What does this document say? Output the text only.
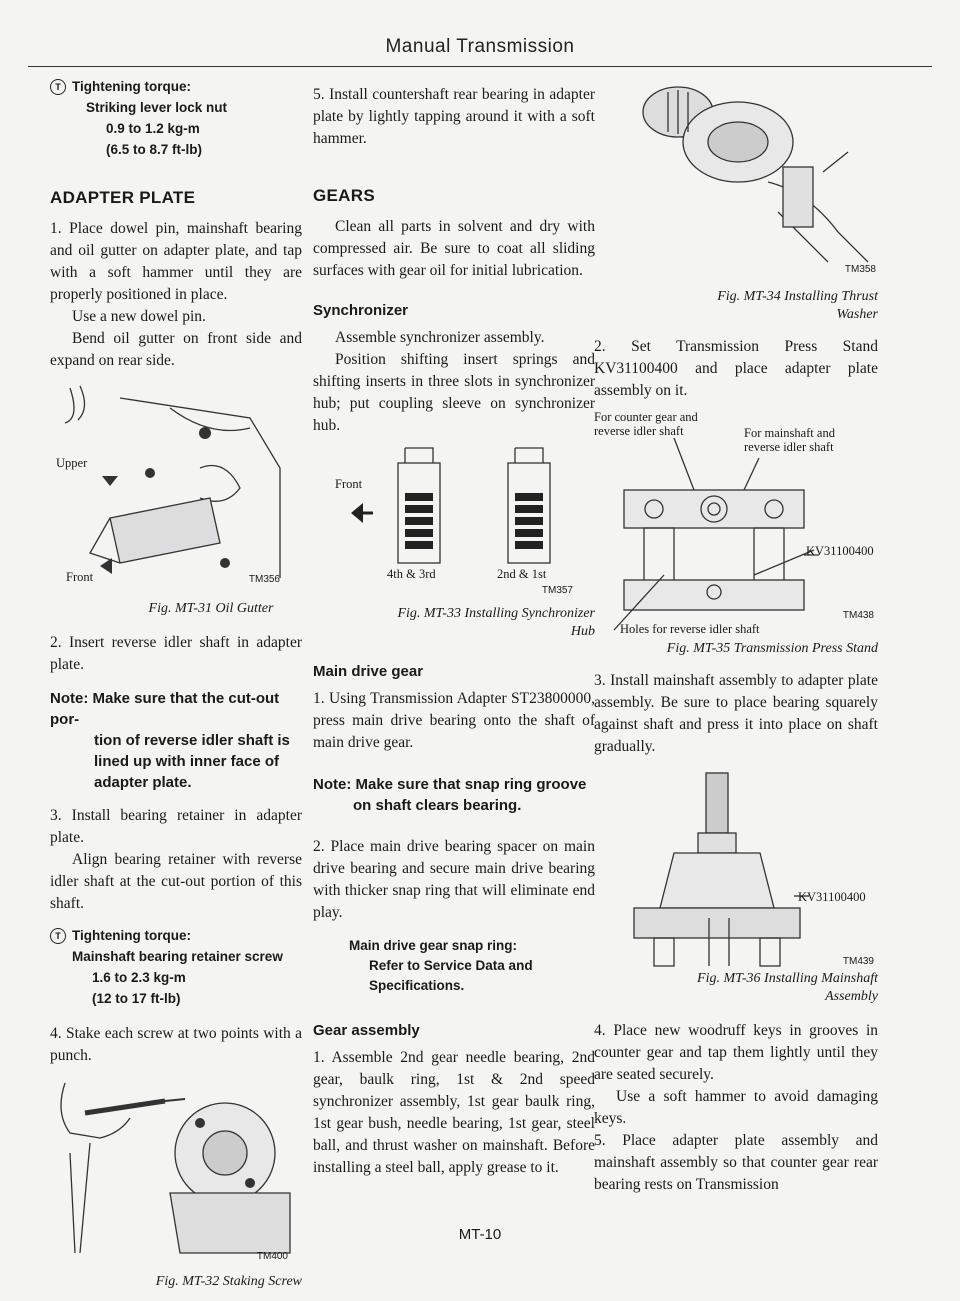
Manual Transmission
T Tightening torque:
Striking lever lock nut
0.9 to 1.2 kg-m
(6.5 to 8.7 ft-lb)
ADAPTER PLATE

1. Place dowel pin, mainshaft bearing and oil gutter on adapter plate, and tap with a soft hammer until they are properly positioned in place.

Use a new dowel pin.

Bend oil gutter on front side and expand on rear side.

Upper
Front	TM356
Fig. MT-31 Oil Gutter

2. Insert reverse idler shaft in adapter plate.

Note: Make sure that the cut-out por-
tion of reverse idler shaft is lined up with inner face of adapter plate.

3. Install bearing retainer in adapter plate.

Align bearing retainer with reverse idler shaft at the cut-out portion of this shaft.

T Tightening torque:
Mainshaft bearing retainer screw
1.6 to 2.3 kg-m
(12 to 17 ft-lb)

4. Stake each screw at two points with a punch.

TM400
Fig. MT-32 Staking Screw

5. Install countershaft rear bearing in adapter plate by lightly tapping around it with a soft hammer.

GEARS

Clean all parts in solvent and dry with compressed air. Be sure to coat all sliding surfaces with gear oil for initial lubrication.

Synchronizer

Assemble synchronizer assembly.

Position shifting insert springs and shifting inserts in three slots in synchronizer hub; put coupling sleeve on synchronizer hub.

Front
4th & 3rd	2nd & 1st
TM357
Fig. MT-33 Installing Synchronizer
Hub
Main drive gear

1. Using Transmission Adapter ST23800000, press main drive bearing onto the shaft of main drive gear.

Note: Make sure that snap ring groove
on shaft clears bearing.

2. Place main drive bearing spacer on main drive bearing and secure main drive bearing with thicker snap ring that will eliminate end play.

Main drive gear snap ring:
Refer to Service Data and
Specifications.
Gear assembly

1. Assemble 2nd gear needle bearing, 2nd gear, baulk ring, 1st & 2nd speed synchronizer assembly, 1st gear baulk ring, 1st gear bush, needle bearing, 1st gear, steel ball, and thrust washer on mainshaft. Before installing a steel ball, apply grease to it.

TM358
Fig. MT-34 Installing Thrust
Washer

2. Set Transmission Press Stand KV31100400 and place adapter plate assembly on it.

For counter gear and
reverse idler shaft	For mainshaft and
reverse idler shaft
KV31100400
TM438
Holes for reverse idler shaft
Fig. MT-35 Transmission Press Stand

3. Install mainshaft assembly to adapter plate assembly. Be sure to place bearing squarely against shaft and press it into place on shaft gradually.

KV31100400
TM439
Fig. MT-36 Installing Mainshaft
Assembly

4. Place new woodruff keys in grooves in counter gear and tap them lightly until they are seated securely.

Use a soft hammer to avoid damaging keys.

5. Place adapter plate assembly and mainshaft assembly so that counter gear rear bearing rests on Transmission

MT-10
